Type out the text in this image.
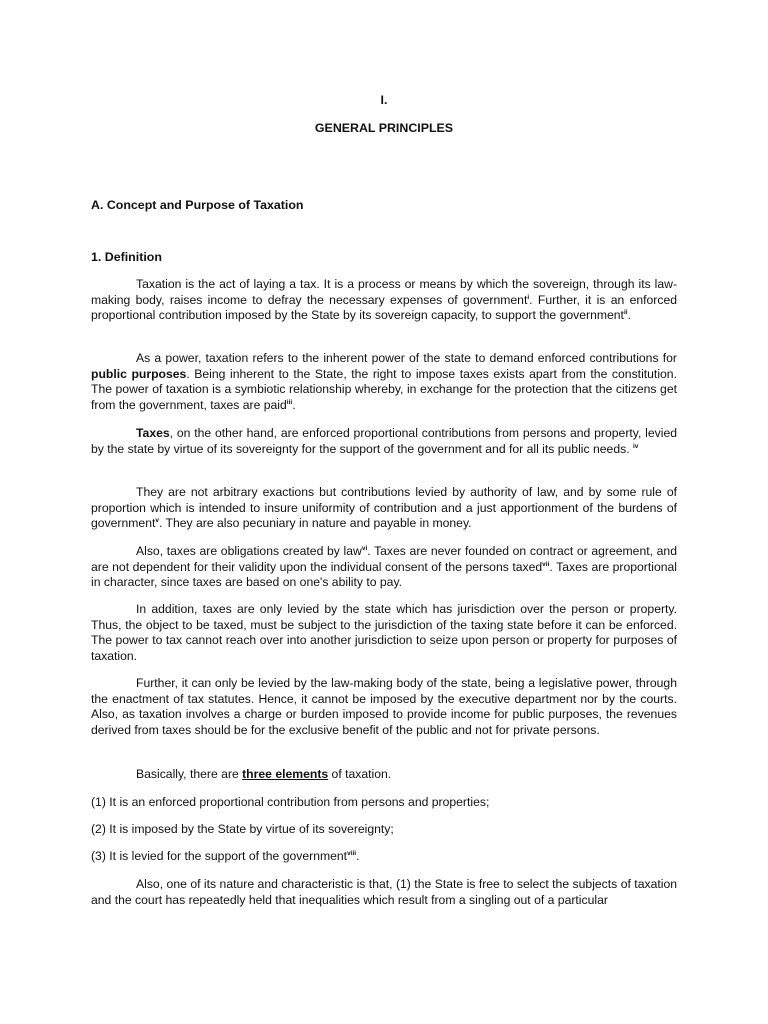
I.
GENERAL PRINCIPLES
A. Concept and Purpose of Taxation
1. Definition

Taxation is the act of laying a tax. It is a process or means by which the sovereign, through its law-making body, raises income to defray the necessary expenses of government$^i$. Further, it is an enforced proportional contribution imposed by the State by its sovereign capacity, to support the government$^{ii}$.

As a power, taxation refers to the inherent power of the state to demand enforced contributions for public purposes. Being inherent to the State, the right to impose taxes exists apart from the constitution. The power of taxation is a symbiotic relationship whereby, in exchange for the protection that the citizens get from the government, taxes are paid$^{iii}$.

Taxes, on the other hand, are enforced proportional contributions from persons and property, levied by the state by virtue of its sovereignty for the support of the government and for all its public needs. $^{iv}$

They are not arbitrary exactions but contributions levied by authority of law, and by some rule of proportion which is intended to insure uniformity of contribution and a just apportionment of the burdens of government$^v$. They are also pecuniary in nature and payable in money.

Also, taxes are obligations created by law$^{vi}$. Taxes are never founded on contract or agreement, and are not dependent for their validity upon the individual consent of the persons taxed$^{vii}$. Taxes are proportional in character, since taxes are based on one's ability to pay.

In addition, taxes are only levied by the state which has jurisdiction over the person or property. Thus, the object to be taxed, must be subject to the jurisdiction of the taxing state before it can be enforced. The power to tax cannot reach over into another jurisdiction to seize upon person or property for purposes of taxation.

Further, it can only be levied by the law-making body of the state, being a legislative power, through the enactment of tax statutes. Hence, it cannot be imposed by the executive department nor by the courts. Also, as taxation involves a charge or burden imposed to provide income for public purposes, the revenues derived from taxes should be for the exclusive benefit of the public and not for private persons.

Basically, there are three elements of taxation.

(1) It is an enforced proportional contribution from persons and properties;

(2) It is imposed by the State by virtue of its sovereignty;

(3) It is levied for the support of the government$^{viii}$.

Also, one of its nature and characteristic is that, (1) the State is free to select the subjects of taxation and the court has repeatedly held that inequalities which result from a singling out of a particular
